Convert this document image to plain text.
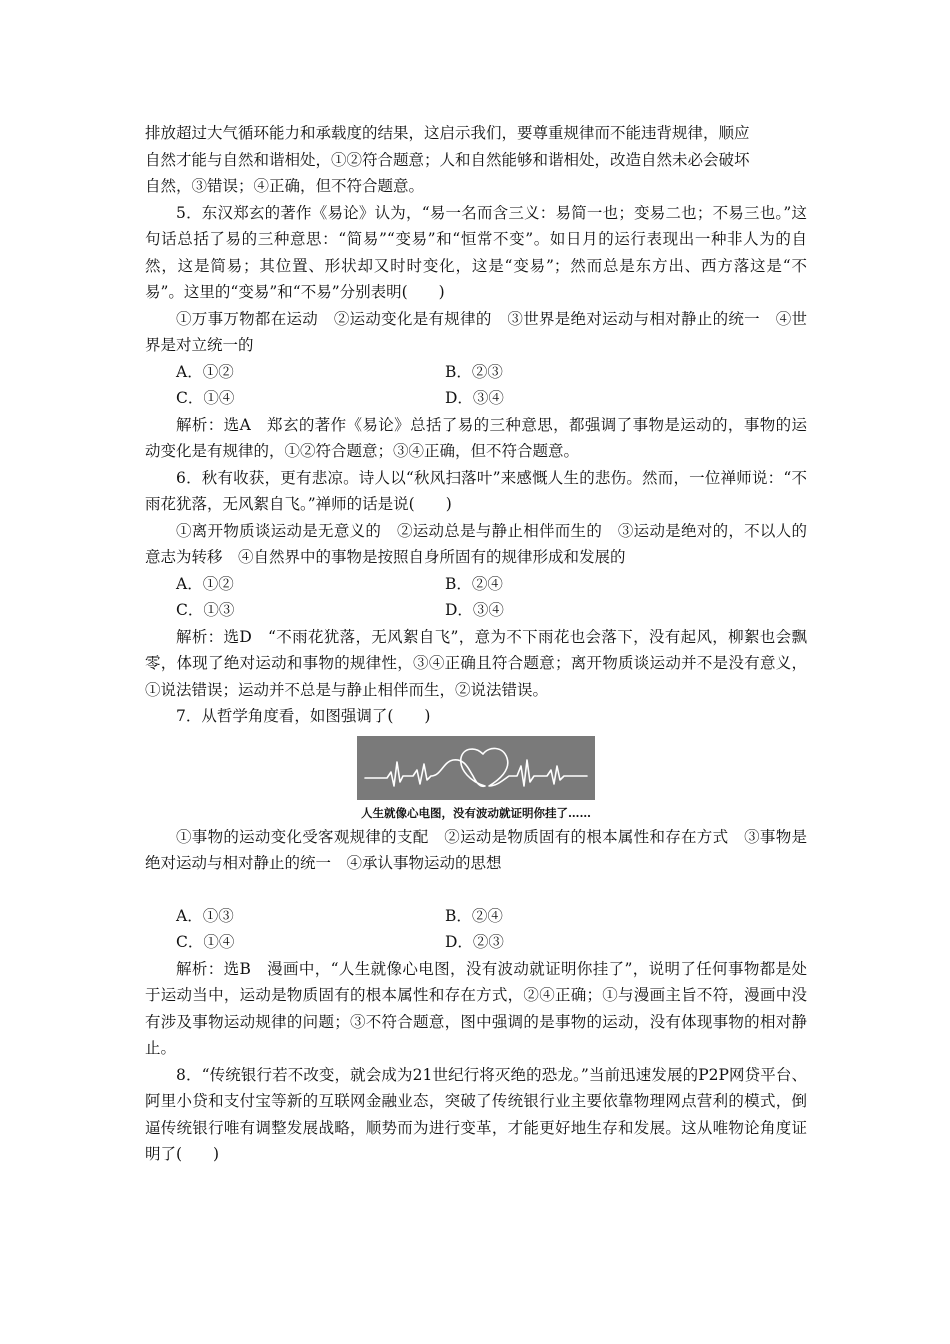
排放超过大气循环能力和承载度的结果，这启示我们，要尊重规律而不能违背规律，顺应

自然才能与自然和谐相处，①②符合题意；人和自然能够和谐相处，改造自然未必会破坏

自然，③错误；④正确，但不符合题意。

5．东汉郑玄的著作《易论》认为，“易一名而含三义：易简一也；变易二也；不易三也。”这句话总括了易的三种意思：“简易”“变易”和“恒常不变”。如日月的运行表现出一种非人为的自然，这是简易；其位置、形状却又时时变化，这是“变易”；然而总是东方出、西方落这是“不易”。这里的“变易”和“不易”分别表明(　　)

①万事万物都在运动　②运动变化是有规律的　③世界是绝对运动与相对静止的统一　④世界是对立统一的

A．①②	B．②③
C．①④	D．③④

解析：选A　郑玄的著作《易论》总括了易的三种意思，都强调了事物是运动的，事物的运动变化是有规律的，①②符合题意；③④正确，但不符合题意。

6．秋有收获，更有悲凉。诗人以“秋风扫落叶”来感慨人生的悲伤。然而，一位禅师说：“不雨花犹落，无风絮自飞。”禅师的话是说(　　)

①离开物质谈运动是无意义的　②运动总是与静止相伴而生的　③运动是绝对的，不以人的意志为转移　④自然界中的事物是按照自身所固有的规律形成和发展的

A．①②	B．②④
C．①③	D．③④

解析：选D　“不雨花犹落，无风絮自飞”，意为不下雨花也会落下，没有起风，柳絮也会飘零，体现了绝对运动和事物的规律性，③④正确且符合题意；离开物质谈运动并不是没有意义，①说法错误；运动并不总是与静止相伴而生，②说法错误。

7．从哲学角度看，如图强调了(　　)

人生就像心电图，没有波动就证明你挂了……

①事物的运动变化受客观规律的支配　②运动是物质固有的根本属性和存在方式　③事物是绝对运动与相对静止的统一　④承认事物运动的思想

A．①③	B．②④
C．①④	D．②③

解析：选B　漫画中，“人生就像心电图，没有波动就证明你挂了”，说明了任何事物都是处于运动当中，运动是物质固有的根本属性和存在方式，②④正确；①与漫画主旨不符，漫画中没有涉及事物运动规律的问题；③不符合题意，图中强调的是事物的运动，没有体现事物的相对静止。

8．“传统银行若不改变，就会成为21世纪行将灭绝的恐龙。”当前迅速发展的P2P网贷平台、阿里小贷和支付宝等新的互联网金融业态，突破了传统银行业主要依靠物理网点营利的模式，倒逼传统银行唯有调整发展战略，顺势而为进行变革，才能更好地生存和发展。这从唯物论角度证明了(　　)
